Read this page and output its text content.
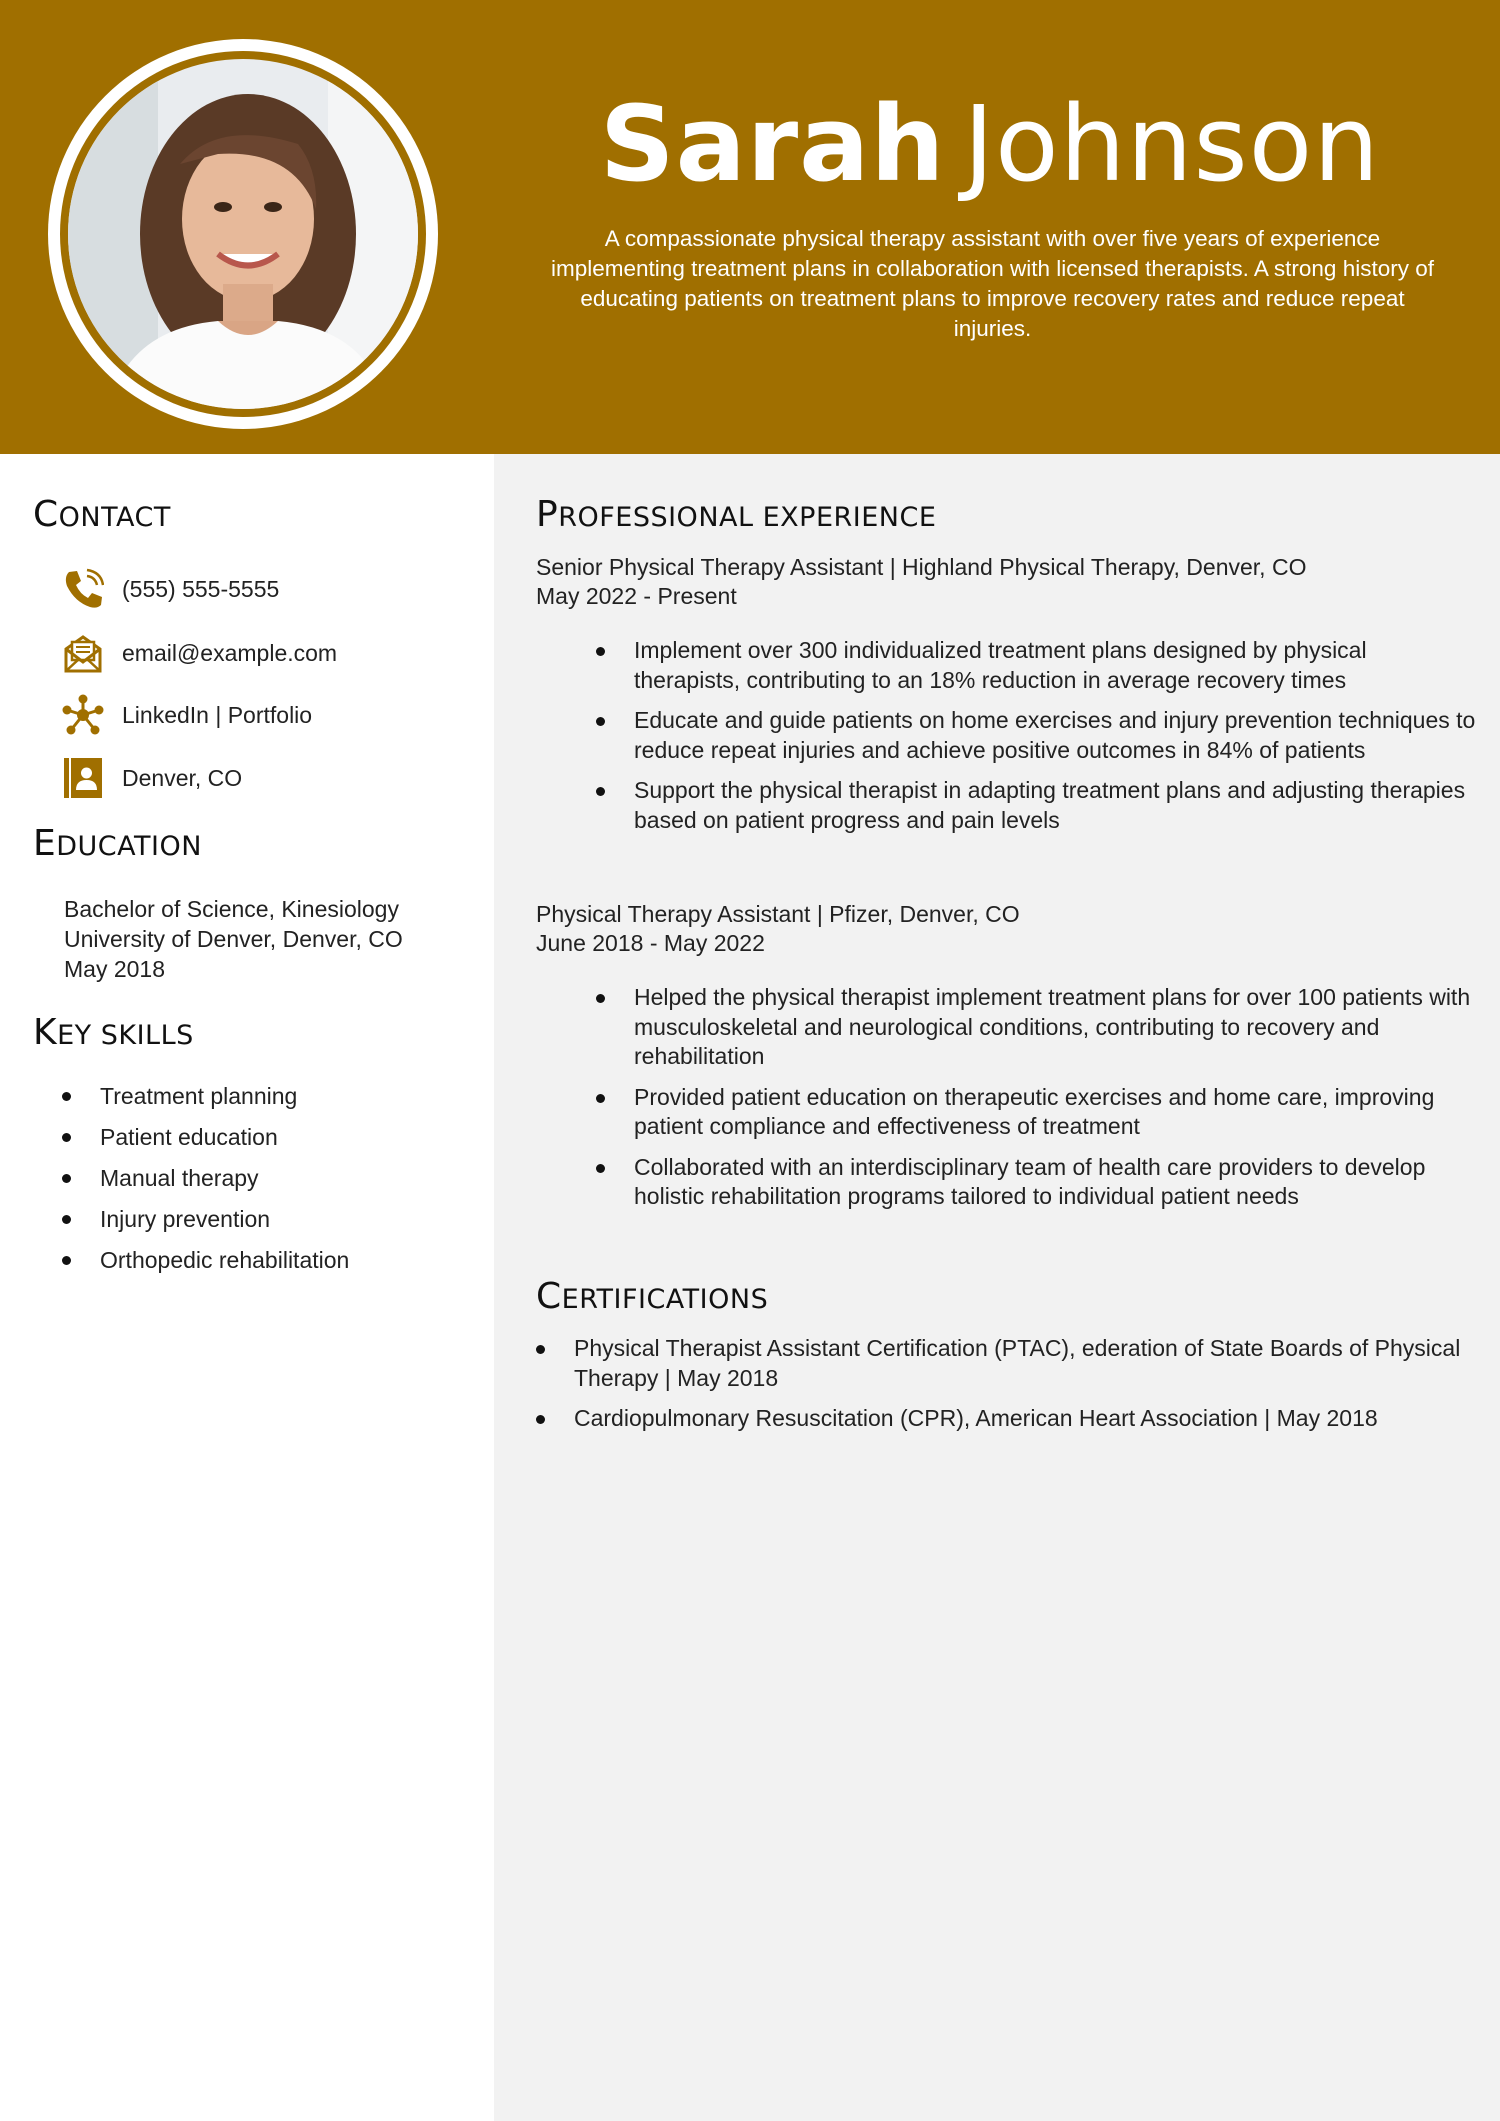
Sarah Johnson
A compassionate physical therapy assistant with over five years of experience implementing treatment plans in collaboration with licensed therapists. A strong history of educating patients on treatment plans to improve recovery rates and reduce repeat injuries.
CONTACT
(555) 555-5555
email@example.com
LinkedIn | Portfolio
Denver, CO
EDUCATION
Bachelor of Science, Kinesiology
University of Denver, Denver, CO
May 2018
KEY SKILLS
Treatment planning
Patient education
Manual therapy
Injury prevention
Orthopedic rehabilitation
PROFESSIONAL EXPERIENCE
Senior Physical Therapy Assistant | Highland Physical Therapy, Denver, CO
May 2022 - Present
Implement over 300 individualized treatment plans designed by physical therapists, contributing to an 18% reduction in average recovery times
Educate and guide patients on home exercises and injury prevention techniques to reduce repeat injuries and achieve positive outcomes in 84% of patients
Support the physical therapist in adapting treatment plans and adjusting therapies based on patient progress and pain levels
Physical Therapy Assistant | Pfizer, Denver, CO
June 2018 - May 2022
Helped the physical therapist implement treatment plans for over 100 patients with musculoskeletal and neurological conditions, contributing to recovery and rehabilitation
Provided patient education on therapeutic exercises and home care, improving patient compliance and effectiveness of treatment
Collaborated with an interdisciplinary team of health care providers to develop holistic rehabilitation programs tailored to individual patient needs
CERTIFICATIONS
Physical Therapist Assistant Certification (PTAC), ederation of State Boards of Physical Therapy | May 2018
Cardiopulmonary Resuscitation (CPR), American Heart Association | May 2018
